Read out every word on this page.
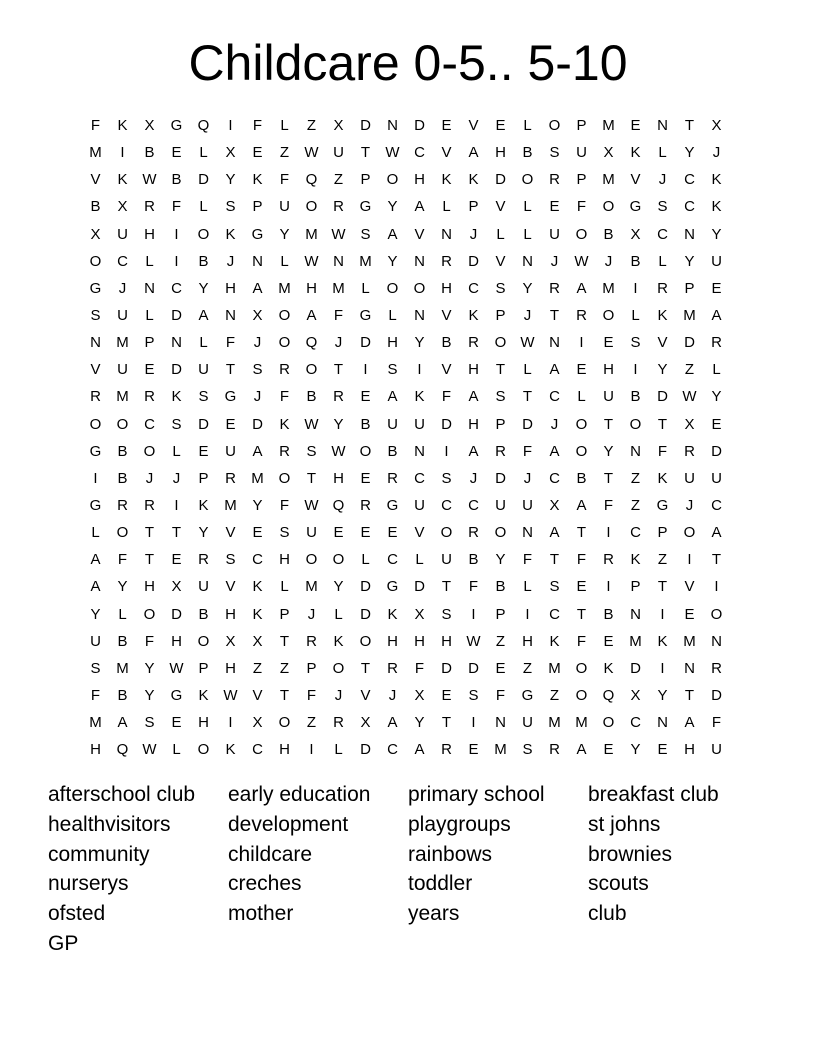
Childcare 0-5.. 5-10
F	K	X	G	Q	I	F	L	Z	X	D	N	D	E	V	E	L	O	P	M	E	N	T	X
M	I	B	E	L	X	E	Z	W U	T	W C	V	A	H	B	S	U	X	K	L	Y	J
V	K W B	D	Y	K	F	Q	Z	P	O	H	K	K	D	O	R	P	M	V	J	C	K
B	X	R	F	L	S	P	U	O	R	G	Y	A	L	P	V	L	E	F	O	G	S	C	K
X	U	H	I	O	K	G	Y	M W S	A	V	N	J	L	L	U	O	B	X	C	N	Y
O	C	L	I	B	J	N	L	W N	M	Y	N	R	D	V	N	J	W	J	B	L	Y	U
G	J	N	C	Y	H	A	M	H	M	L	O	O	H	C	S	Y	R	A	M	I	R	P	E
S	U	L	D	A	N	X	O	A	F	G	L	N	V	K	P	J	T	R	O	L	K	M	A
N	M	P	N	L	F	J	O	Q	J	D	H	Y	B	R	O W N	I	E	S	V	D	R
V	U	E	D	U	T	S	R	O	T	I	S	I	V	H	T	L	A	E	H	I	Y	Z	L
R	M	R	K	S	G	J	F	B	R	E	A	K	F	A	S	T	C	L	U	B	D W Y
O	O	C	S	D	E	D	K W Y	B	U	U	D	H	P	D	J	O	T	O	T	X	E
G	B	O	L	E	U	A	R	S W O	B	N	I	A	R	F	A	O	Y	N	F	R	D
I	B	J	J	P	R	M O	T	H	E	R	C	S	J	D	J	C	B	T	Z	K	U	U
G	R	R	I	K	M	Y	F	W Q	R	G	U	C	C	U	U	X	A	F	Z	G	J	C
L	O	T	T	Y	V	E	S	U	E	E	E	V	O	R	O	N	A	T	I	C	P	O	A
A	F	T	E	R	S	C	H	O	O	L	C	L	U	B	Y	F	T	F	R	K	Z	I	T
A	Y	H	X	U	V	K	L	M	Y	D	G	D	T	F	B	L	S	E	I	P	T	V	I
Y	L	O	D	B	H	K	P	J	L	D	K	X	S	I	P	I	C	T	B	N	I	E	O
U	B	F	H	O	X	X	T	R	K	O	H	H	H W	Z	H	K	F	E	M	K	M	N
S	M	Y W P	H	Z	Z	P	O	T	R	F	D	D	E	Z	M O	K	D	I	N	R
F	B	Y	G	K W V	T	F	J	V	J	X	E	S	F	G	Z	O	Q	X	Y	T	D
M	A	S	E	H	I	X	O	Z	R	X	A	Y	T	I	N	U	M M O	C	N	A	F
H	Q W	L	O	K	C	H	I	L	D	C	A	R	E	M	S	R	A	E	Y	E	H	U
afterschool club	early education	primary school	breakfast club
healthvisitors	development	playgroups	st johns
community	childcare	rainbows	brownies
nurserys	creches	toddler	scouts
ofsted	mother	years	club
GP
